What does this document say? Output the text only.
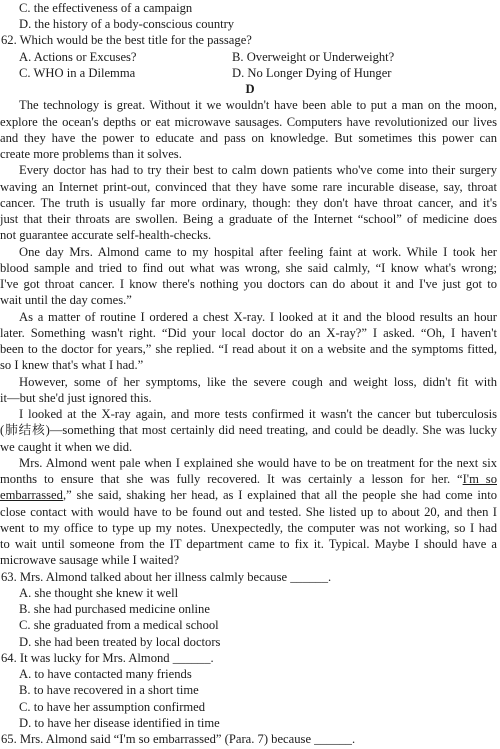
C. the effectiveness of a campaign
D. the history of a body-conscious country
62. Which would be the best title for the passage?
A. Actions or Excuses?	B. Overweight or Underweight?
C. WHO in a Dilemma	D. No Longer Dying of Hunger
D
The technology is great. Without it we wouldn't have been able to put a man on the moon,
explore the ocean's depths or eat microwave sausages. Computers have revolutionized our lives
and they have the power to educate and pass on knowledge. But sometimes this power can
create more problems than it solves.
Every doctor has had to try their best to calm down patients who've come into their surgery
waving an Internet print-out, convinced that they have some rare incurable disease, say, throat
cancer. The truth is usually far more ordinary, though: they don't have throat cancer, and it's
just that their throats are swollen. Being a graduate of the Internet “school” of medicine does
not guarantee accurate self-health-checks.
One day Mrs. Almond came to my hospital after feeling faint at work. While I took her
blood sample and tried to find out what was wrong, she said calmly, “I know what's wrong;
I've got throat cancer. I know there's nothing you doctors can do about it and I've just got to
wait until the day comes.”
As a matter of routine I ordered a chest X-ray. I looked at it and the blood results an hour
later. Something wasn't right. “Did your local doctor do an X-ray?” I asked. “Oh, I haven't
been to the doctor for years,” she replied. “I read about it on a website and the symptoms fitted,
so I knew that's what I had.”
However, some of her symptoms, like the severe cough and weight loss, didn't fit with
it—but she'd just ignored this.
I looked at the X-ray again, and more tests confirmed it wasn't the cancer but tuberculosis
(肺结核)—something that most certainly did need treating, and could be deadly. She was lucky
we caught it when we did.
Mrs. Almond went pale when I explained she would have to be on treatment for the next six
months to ensure that she was fully recovered. It was certainly a lesson for her. “I'm so
embarrassed,” she said, shaking her head, as I explained that all the people she had come into
close contact with would have to be found out and tested. She listed up to about 20, and then I
went to my office to type up my notes. Unexpectedly, the computer was not working, so I had
to wait until someone from the IT department came to fix it. Typical. Maybe I should have a
microwave sausage while I waited?
63. Mrs. Almond talked about her illness calmly because ______.
A. she thought she knew it well
B. she had purchased medicine online
C. she graduated from a medical school
D. she had been treated by local doctors
64. It was lucky for Mrs. Almond ______.
A. to have contacted many friends
B. to have recovered in a short time
C. to have her assumption confirmed
D. to have her disease identified in time
65. Mrs. Almond said “I'm so embarrassed” (Para. 7) because ______.
